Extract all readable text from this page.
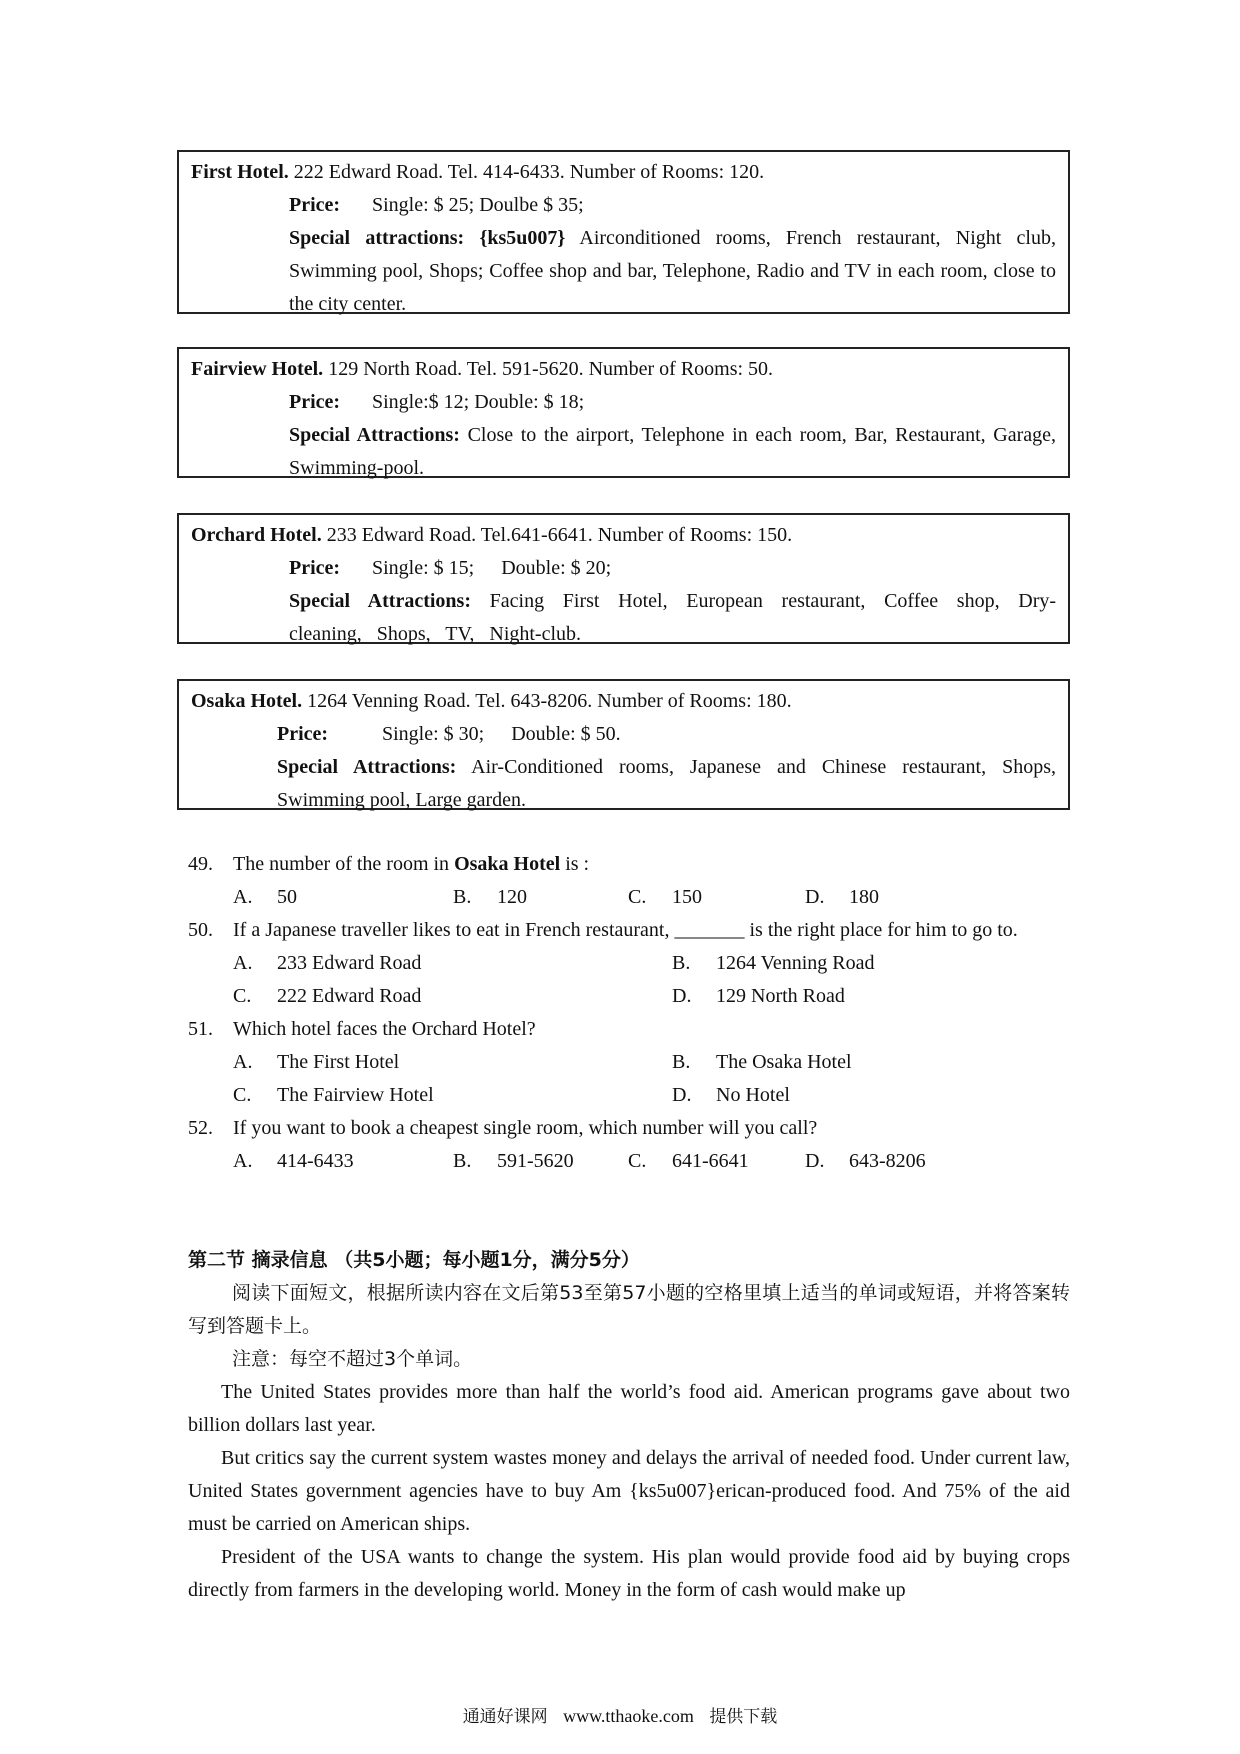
First Hotel. 222 Edward Road. Tel. 414-6433. Number of Rooms: 120.
Price: Single: $ 25; Doulbe $ 35;
Special attractions: {ks5u007} Airconditioned rooms, French restaurant, Night club, Swimming pool, Shops; Coffee shop and bar, Telephone, Radio and TV in each room, close to the city center.
Fairview Hotel. 129 North Road. Tel. 591-5620. Number of Rooms: 50.
Price: Single:$ 12; Double: $ 18;
Special Attractions: Close to the airport, Telephone in each room, Bar, Restaurant, Garage, Swimming-pool.
Orchard Hotel. 233 Edward Road. Tel.641-6641. Number of Rooms: 150.
Price: Single: $ 15; Double: $ 20;
Special Attractions: Facing First Hotel, European restaurant, Coffee shop, Dry-cleaning, Shops, TV, Night-club.
Osaka Hotel. 1264 Venning Road. Tel. 643-8206. Number of Rooms: 180.
Price:	Single: $ 30; Double: $ 50.
Special Attractions: Air-Conditioned rooms, Japanese and Chinese restaurant, Shops, Swimming pool, Large garden.
49. The number of the room in Osaka Hotel is :
A. 50	B. 120	C. 150	D. 180
50. If a Japanese traveller likes to eat in French restaurant, _______ is the right place for him to go to.
A. 233 Edward Road	B. 1264 Venning Road
C. 222 Edward Road	D. 129 North Road
51. Which hotel faces the Orchard Hotel?
A. The First Hotel	B. The Osaka Hotel
C. The Fairview Hotel	D. No Hotel
52. If you want to book a cheapest single room, which number will you call?
A. 414-6433	B. 591-5620	C. 641-6641	D. 643-8206
第二节 摘录信息 （共5小题；每小题1分，满分5分）
阅读下面短文，根据所读内容在文后第53至第57小题的空格里填上适当的单词或短语，并将答案转写到答题卡上。
注意：每空不超过3个单词。
The United States provides more than half the world’s food aid. American programs gave about two billion dollars last year.
But critics say the current system wastes money and delays the arrival of needed food. Under current law, United States government agencies have to buy Am {ks5u007}erican-produced food. And 75% of the aid must be carried on American ships.
President of the USA wants to change the system. His plan would provide food aid by buying crops directly from farmers in the developing world. Money in the form of cash would make up
通通好课网 www.tthaoke.com 提供下载
